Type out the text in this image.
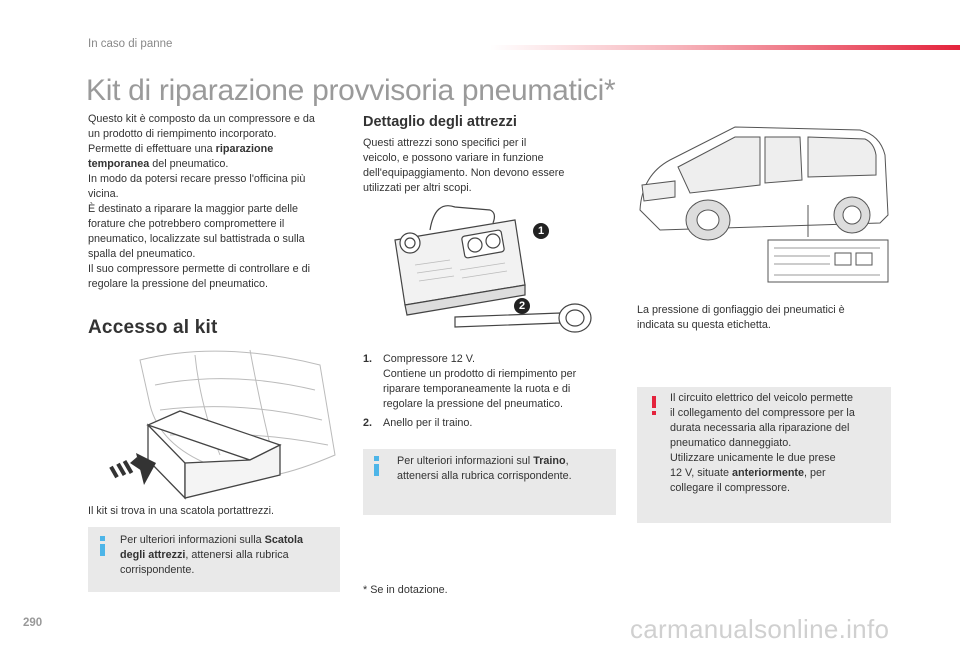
In caso di panne
Kit di riparazione provvisoria pneumatici*
Questo kit è composto da un compressore e da
un prodotto di riempimento incorporato.
Permette di effettuare una riparazione
temporanea del pneumatico.
In modo da potersi recare presso l'officina più
vicina.
È destinato a riparare la maggior parte delle
forature che potrebbero compromettere il
pneumatico, localizzate sul battistrada o sulla
spalla del pneumatico.
Il suo compressore permette di controllare e di
regolare la pressione del pneumatico.
Accesso al kit
Il kit si trova in una scatola portattrezzi.
Per ulteriori informazioni sulla Scatola
degli attrezzi, attenersi alla rubrica
corrispondente.
Dettaglio degli attrezzi
Questi attrezzi sono specifici per il
veicolo, e possono variare in funzione
dell'equipaggiamento. Non devono essere
utilizzati per altri scopi.
1
2
1. Compressore 12 V.
Contiene un prodotto di riempimento per
riparare temporaneamente la ruota e di
regolare la pressione del pneumatico.
2. Anello per il traino.
Per ulteriori informazioni sul Traino,
attenersi alla rubrica corrispondente.
* Se in dotazione.
La pressione di gonfiaggio dei pneumatici è
indicata su questa etichetta.
Il circuito elettrico del veicolo permette
il collegamento del compressore per la
durata necessaria alla riparazione del
pneumatico danneggiato.
Utilizzare unicamente le due prese
12 V, situate anteriormente, per
collegare il compressore.
290	carmanualsonline.info
